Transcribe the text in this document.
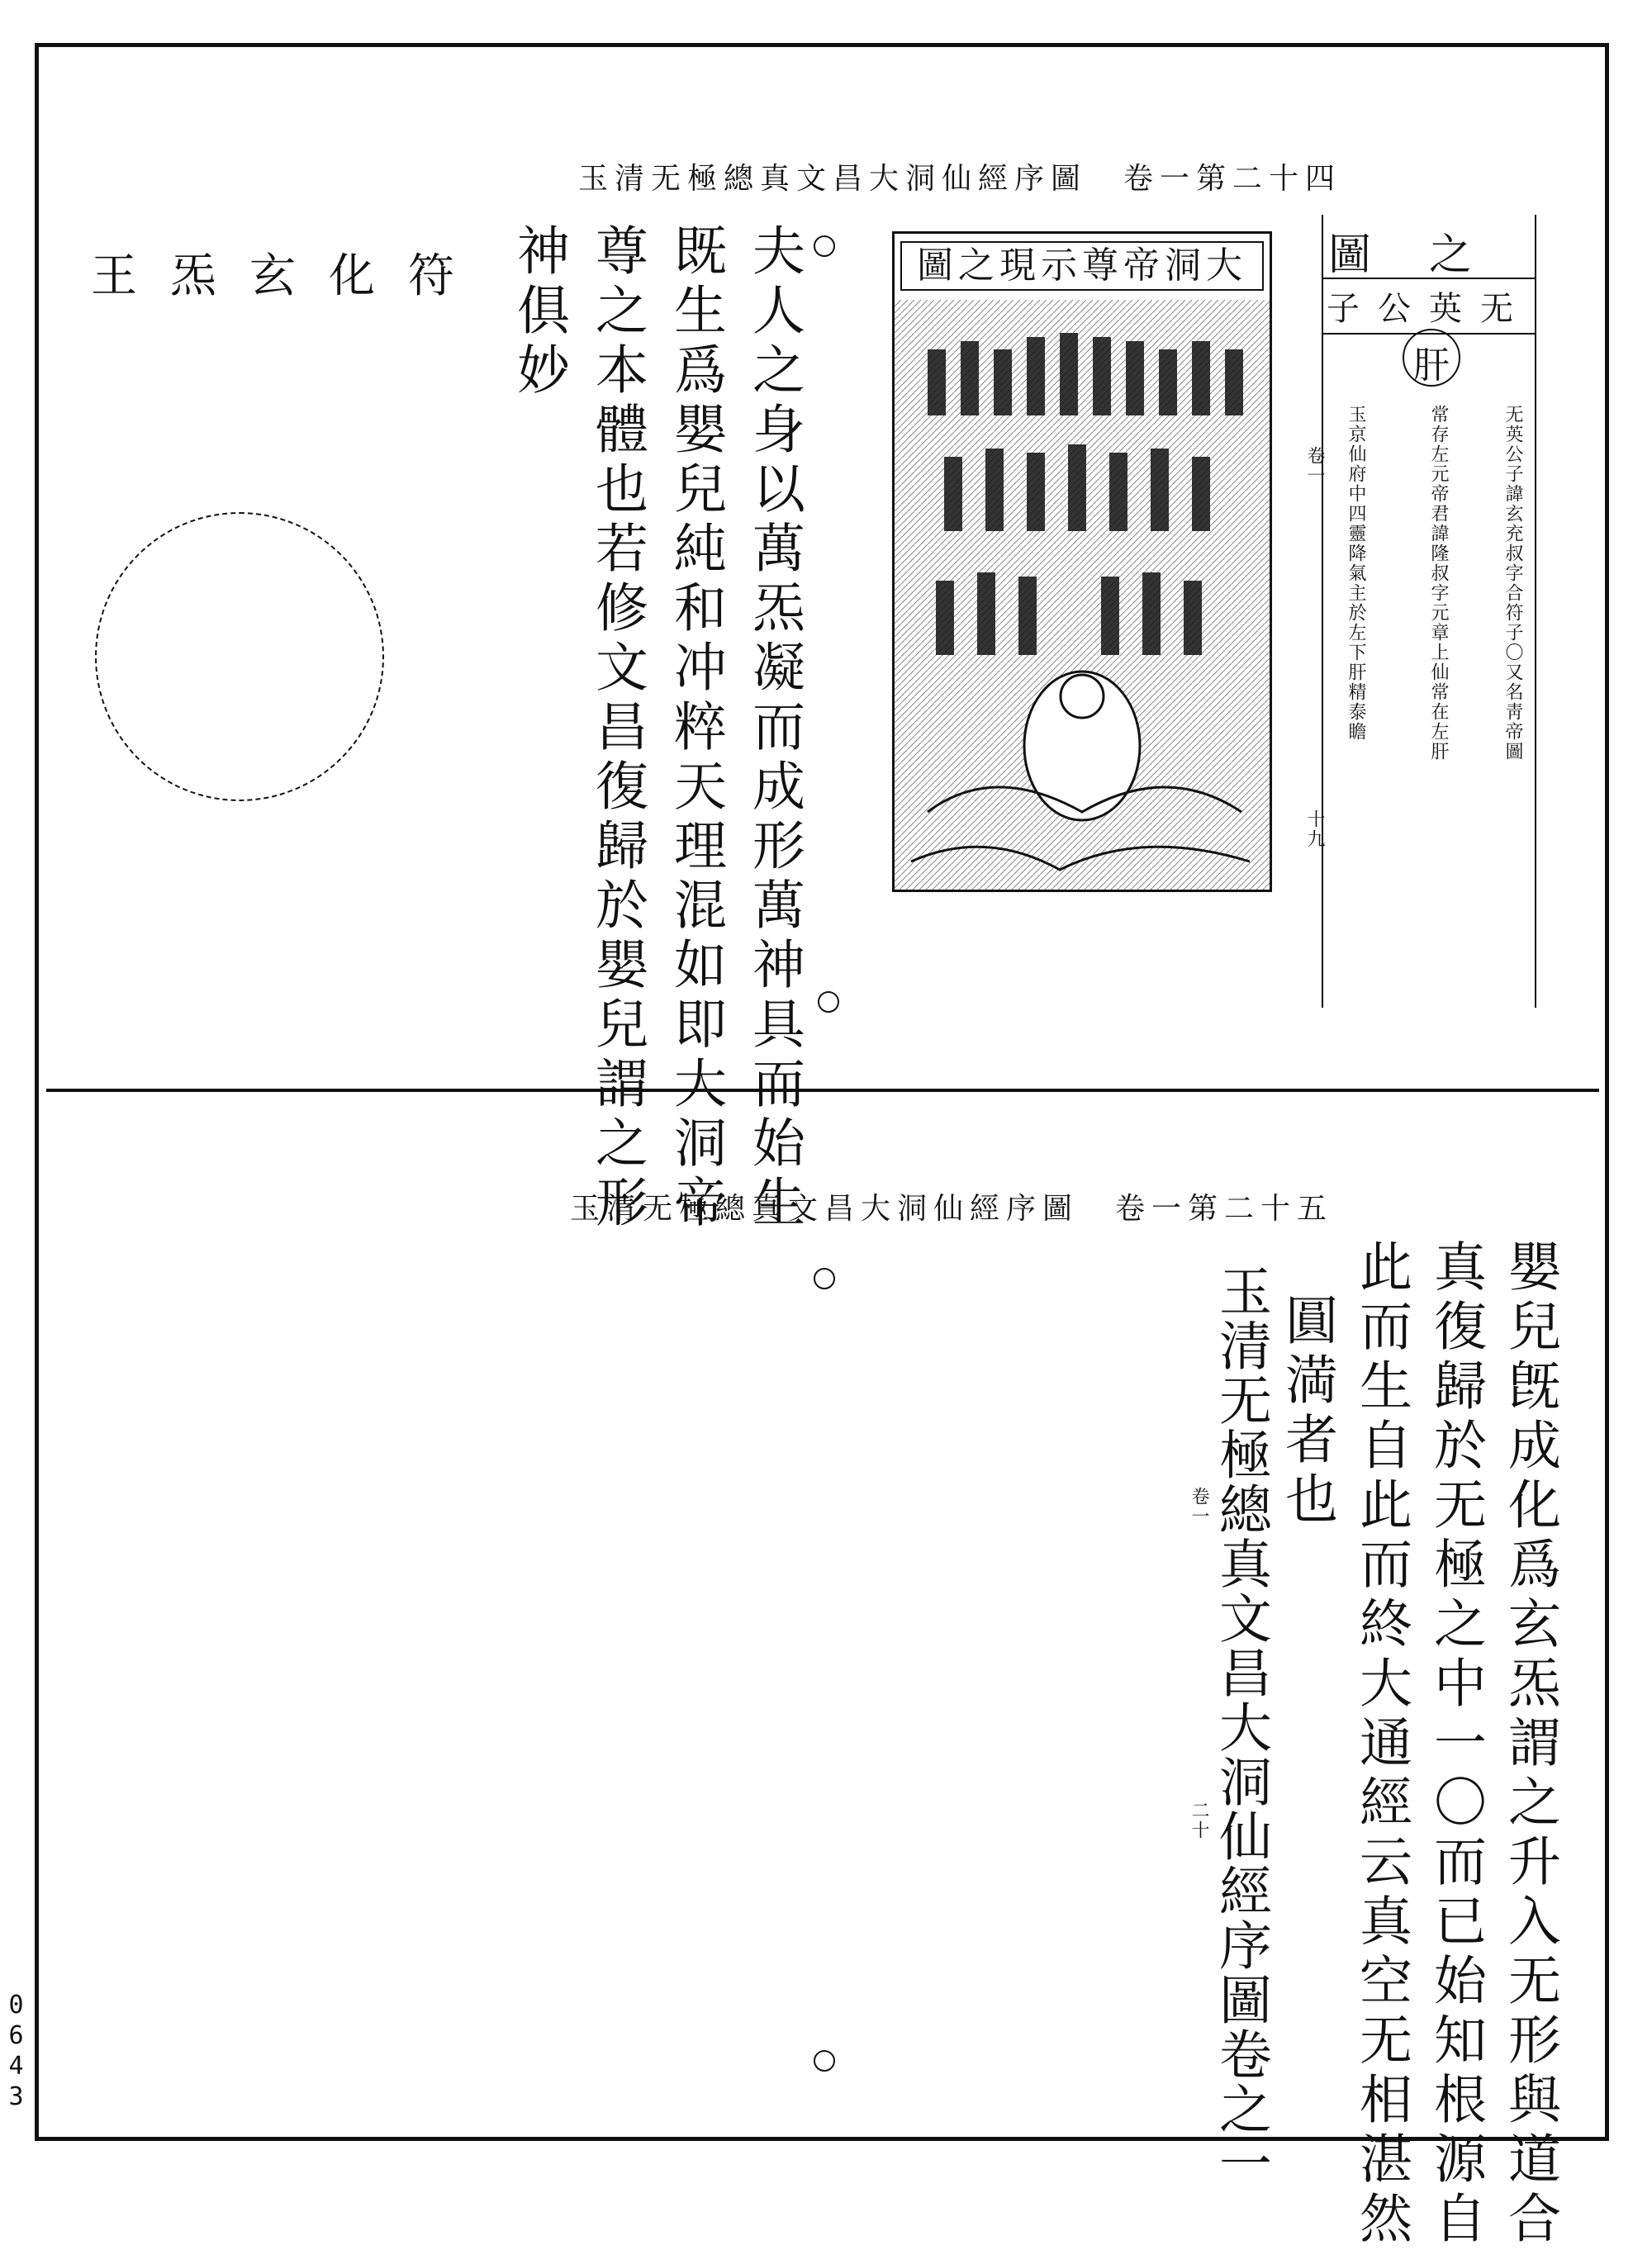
玉清无極總真文昌大洞仙經序圖　卷一第二十四
符化玄炁王	夫人之身以萬炁凝而成形萬神具而始生
既生爲嬰兒純和冲粹天理混如即大洞帝
尊之本體也若修文昌復歸於嬰兒謂之形
神俱妙	大洞帝尊示現之圖	之圖
无英公子
肝
无英公子諱玄充叔字合符子〇又名靑帝圖
常存左元帝君諱隆叔字元章上仙常在左肝
玉京仙府中四靈降氣主於左下肝精泰瞻
卷一
十九
玉清无極總真文昌大洞仙經序圖　卷一第二十五
嬰兒旣成化爲玄炁謂之升入无形與道合
真復歸於无極之中一〇而已始知根源自
此而生自此而終大通經云真空无相湛然
圓満者也
玉清无極總真文昌大洞仙經序圖卷之一
卷一
二十
0643
